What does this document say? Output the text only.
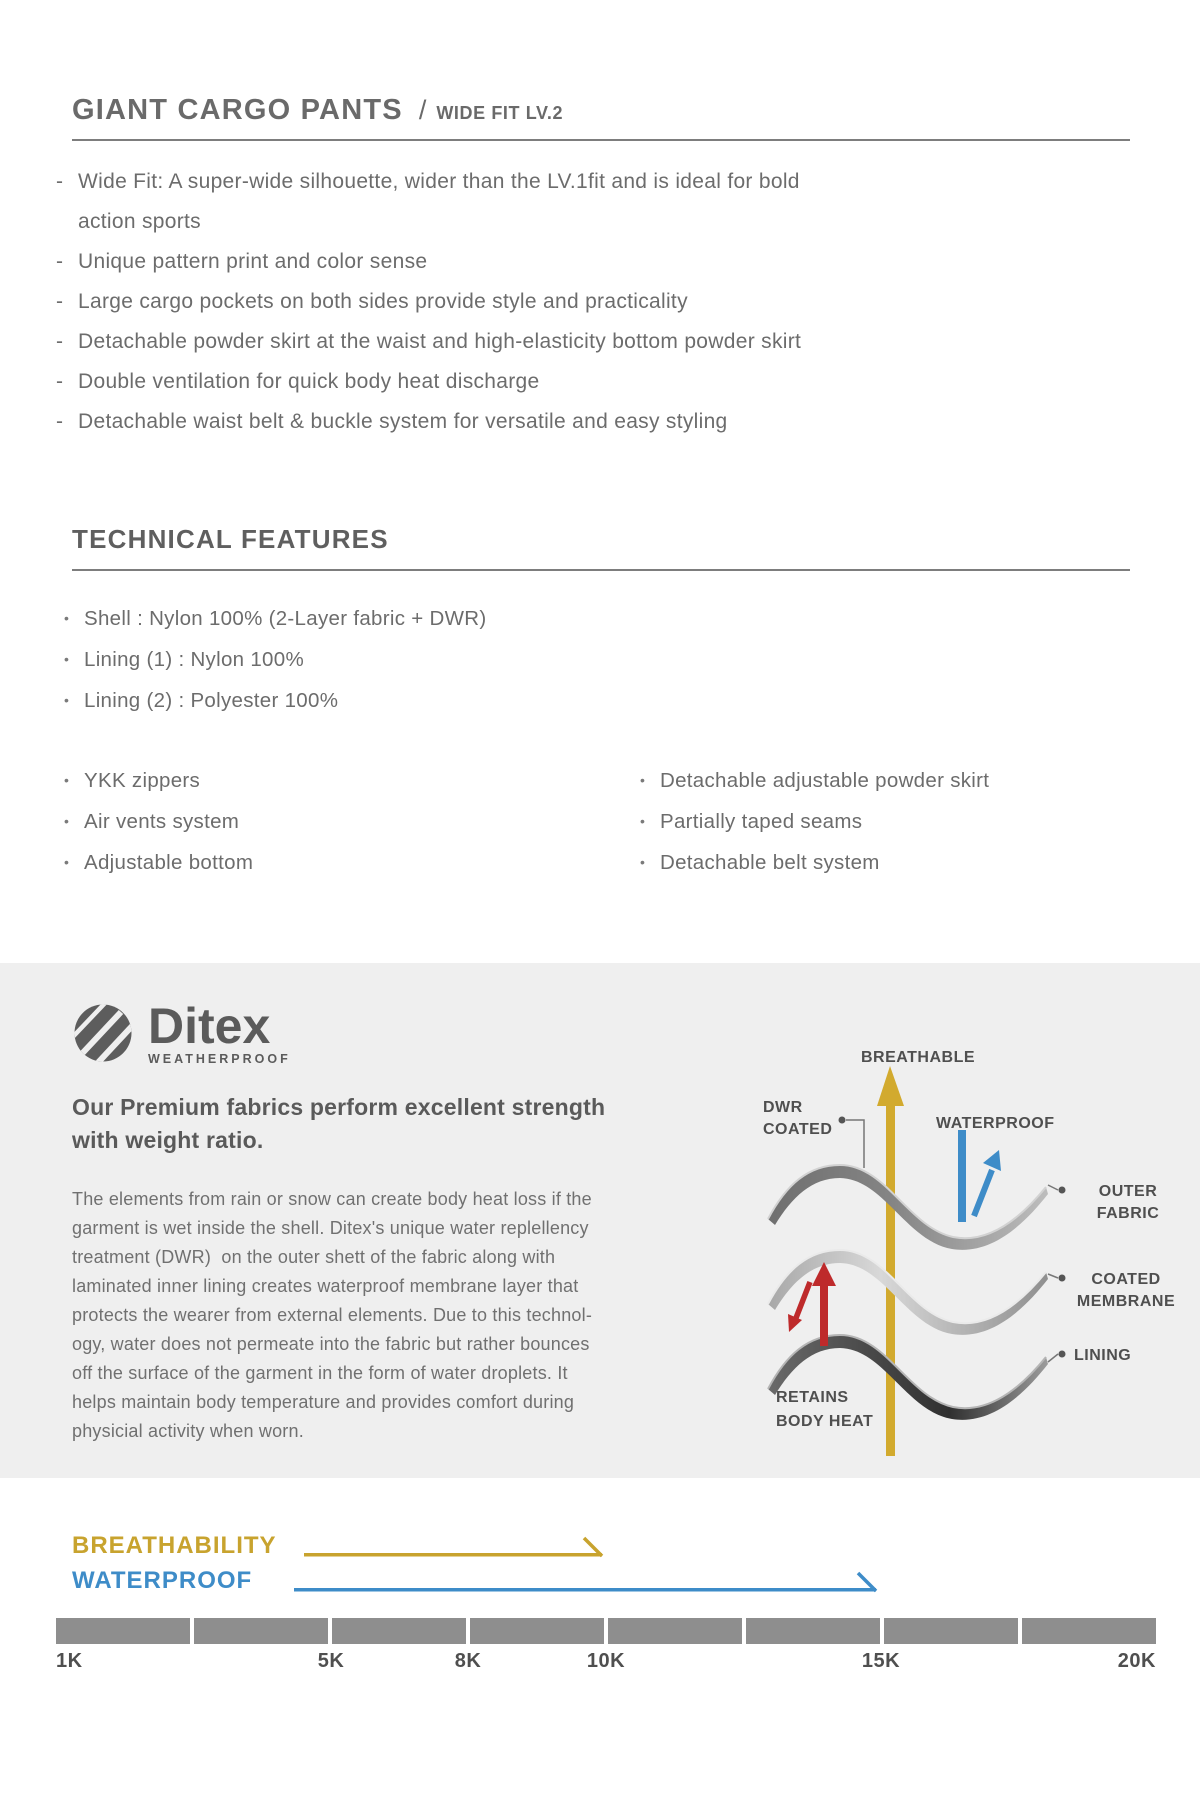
GIANT CARGO PANTS / WIDE FIT LV.2
-
Wide Fit: A super-wide silhouette, wider than the LV.1fit and is ideal for bold
action sports
-
Unique pattern print and color sense
-
Large cargo pockets on both sides provide style and practicality
-
Detachable powder skirt at the waist and high-elasticity bottom powder skirt
-
Double ventilation for quick body heat discharge
-
Detachable waist belt & buckle system for versatile and easy styling
TECHNICAL FEATURES
• Shell : Nylon 100% (2-Layer fabric + DWR)
• Lining (1) : Nylon 100%
• Lining (2) : Polyester 100%
• YKK zippers
• Air vents system
• Adjustable bottom
• Detachable adjustable powder skirt
• Partially taped seams
• Detachable belt system
Ditex
WEATHERPROOF
Our Premium fabrics perform excellent strength
with weight ratio.
The elements from rain or snow can create body heat loss if the
garment is wet inside the shell. Ditex's unique water replellency
treatment (DWR)  on the outer shett of the fabric along with
laminated inner lining creates waterproof membrane layer that
protects the wearer from external elements. Due to this technol-
ogy, water does not permeate into the fabric but rather bounces
off the surface of the garment in the form of water droplets. It
helps maintain body temperature and provides comfort during
physicial activity when worn.
BREATHABLE
WATERPROOF
DWR
COATED
RETAINS
BODY HEAT
OUTER
FABRIC
COATED
MEMBRANE
LINING
BREATHABILITY
WATERPROOF
1K	5K	8K	10K	15K	20K
